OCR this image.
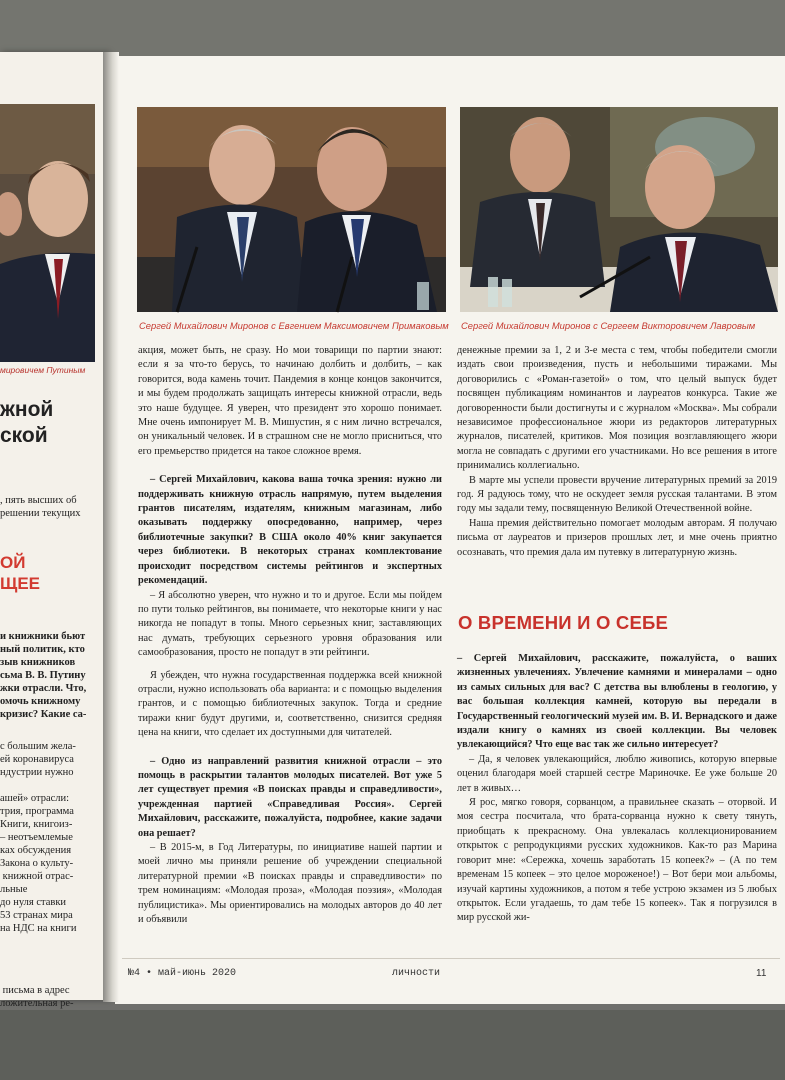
мировичем Путиным
жной
ской
, пять высших об
решении текущих
ОЙ
ЩЕЕ
и книжники бьют
ный политик, кто
зыв книжников
сьма В. В. Путину
жки отрасли. Что,
омочь книжному
кризис? Какие са-
с большим жела-
ей коронавируса
ндустрии нужно

ашей» отрасли:
трия, программа
Книги, книгоиз-
– неотъемлемые
ках обсуждения
Закона о культу-
книжной отрас-
льные
до нуля ставки
53 странах мира
на НДС на книги
письма в адрес
ложительная ре-
Сергей Михайлович Миронов с Евгением Максимовичем Примаковым Сергей Михайлович Миронов с Сергеем Викторовичем Лавровым

акция, может быть, не сразу. Но мои товарищи по партии знают: если я за что-то берусь, то начинаю долбить и долбить, – как говорится, вода камень точит. Пандемия в конце концов закончится, и мы будем продолжать защищать интересы книжной отрасли, ведь это наше будущее. Я уверен, что президент это хорошо понимает. Мне очень импонирует М. В. Мишустин, я с ним лично встречался, он уникальный человек. И в страшном сне не могло присниться, что его премьерство придется на такое сложное время.

– Сергей Михайлович, какова ваша точка зрения: нужно ли поддерживать книжную отрасль напрямую, путем выделения грантов писателям, издателям, книжным магазинам, либо оказывать поддержку опосредованно, например, через библиотечные закупки? В США около 40% книг закупается через библиотеки. В некоторых странах комплектование происходит посредством системы рейтингов и экспертных рекомендаций.

– Я абсолютно уверен, что нужно и то и другое. Если мы пойдем по пути только рейтингов, вы понимаете, что некоторые книги у нас никогда не попадут в топы. Много серьезных книг, заставляющих нас думать, требующих серьезного уровня образования или самообразования, просто не попадут в эти рейтинги.

Я убежден, что нужна государственная поддержка всей книжной отрасли, нужно использовать оба варианта: и с помощью выделения грантов, и с помощью библиотечных закупок. Тогда и средние тиражи книг будут другими, и, соответственно, снизится средняя цена на книги, что сделает их доступными для читателей.

– Одно из направлений развития книжной отрасли – это помощь в раскрытии талантов молодых писателей. Вот уже 5 лет существует премия «В поисках правды и справедливости», учрежденная партией «Справедливая Россия». Сергей Михайлович, расскажите, пожалуйста, подробнее, какие задачи она решает?

– В 2015-м, в Год Литературы, по инициативе нашей партии и моей лично мы приняли решение об учреждении специальной литературной премии «В поисках правды и справедливости» по трем номинациям: «Молодая проза», «Молодая поэзия», «Молодая публицистика». Мы ориентировались на молодых авторов до 40 лет и объявили

денежные премии за 1, 2 и 3-е места с тем, чтобы победители смогли издать свои произведения, пусть и небольшими тиражами. Мы договорились с «Роман-газетой» о том, что целый выпуск будет посвящен публикациям номинантов и лауреатов конкурса. Такие же договоренности были достигнуты и с журналом «Москва». Мы собрали независимое профессиональное жюри из редакторов литературных журналов, писателей, критиков. Моя позиция возглавляющего жюри могла не совпадать с другими его участниками. Но все решения в итоге принимались коллегиально.

В марте мы успели провести вручение литературных премий за 2019 год. Я радуюсь тому, что не оскудеет земля русская талантами. В этом году мы задали тему, посвященную Великой Отечественной войне.

Наша премия действительно помогает молодым авторам. Я получаю письма от лауреатов и призеров прошлых лет, и мне очень приятно осознавать, что премия дала им путевку в литературную жизнь.

О ВРЕМЕНИ И О СЕБЕ

– Сергей Михайлович, расскажите, пожалуйста, о ваших жизненных увлечениях. Увлечение камнями и минералами – одно из самых сильных для вас? С детства вы влюблены в геологию, у вас большая коллекция камней, которую вы передали в Государственный геологический музей им. В. И. Вернадского и даже издали книгу о камнях из своей коллекции. Вы человек увлекающийся? Что еще вас так же сильно интересует?

– Да, я человек увлекающийся, люблю живопись, которую впервые оценил благодаря моей старшей сестре Мариночке. Ее уже больше 20 лет в живых…

Я рос, мягко говоря, сорванцом, а правильнее сказать – оторвой. И моя сестра посчитала, что брата-сорванца нужно к свету тянуть, приобщать к прекрасному. Она увлекалась коллекционированием открыток с репродукциями русских художников. Как-то раз Марина говорит мне: «Сережка, хочешь заработать 15 копеек?» – (А по тем временам 15 копеек – это целое мороженое!) – Вот бери мои альбомы, изучай картины художников, а потом я тебе устрою экзамен из 5 любых открыток. Если угадаешь, то дам тебе 15 копеек». Так я погрузился в мир русской жи-

№4 • май-июнь 2020	личности	11
